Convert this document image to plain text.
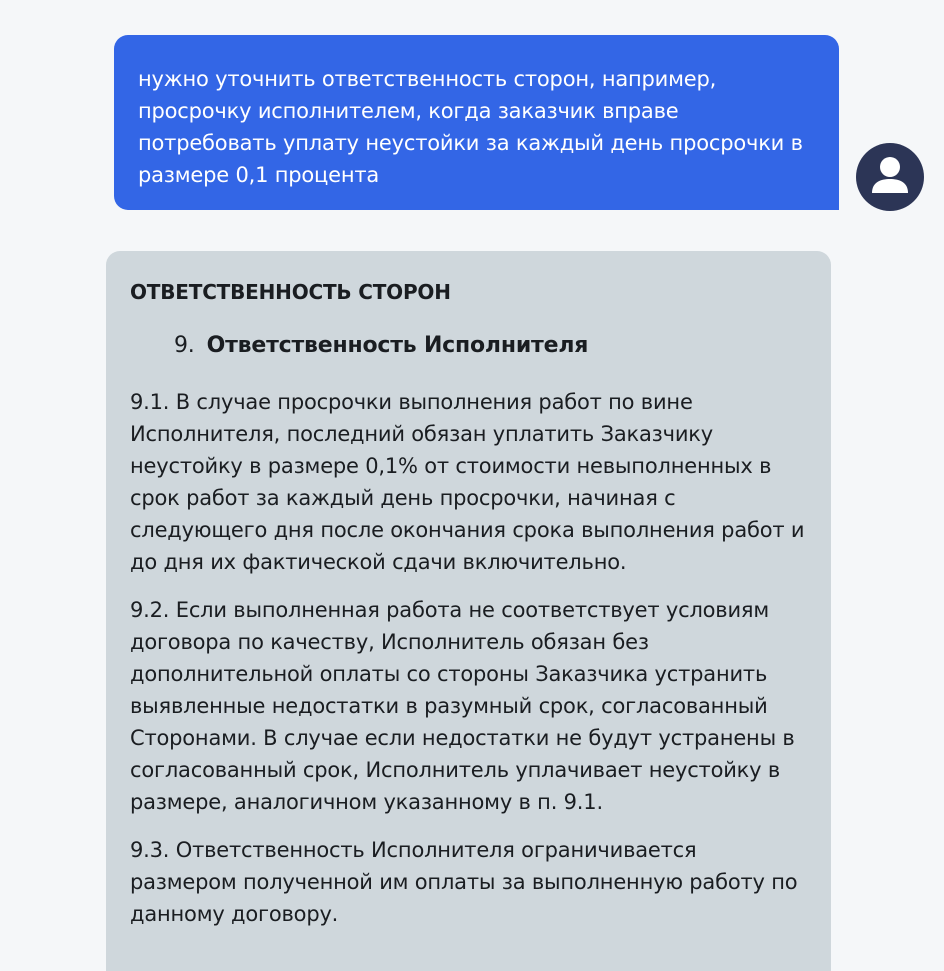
нужно уточнить ответственность сторон, например, просрочку исполнителем, когда заказчик вправе потребовать уплату неустойки за каждый день просрочки в размере 0,1 процента

ОТВЕТСТВЕННОСТЬ СТОРОН

9. Ответственность Исполнителя

9.1. В случае просрочки выполнения работ по вине Исполнителя, последний обязан уплатить Заказчику неустойку в размере 0,1% от стоимости невыполненных в срок работ за каждый день просрочки, начиная с следующего дня после окончания срока выполнения работ и до дня их фактической сдачи включительно.

9.2. Если выполненная работа не соответствует условиям договора по качеству, Исполнитель обязан без дополнительной оплаты со стороны Заказчика устранить выявленные недостатки в разумный срок, согласованный Сторонами. В случае если недостатки не будут устранены в согласованный срок, Исполнитель уплачивает неустойку в размере, аналогичном указанному в п. 9.1.

9.3. Ответственность Исполнителя ограничивается размером полученной им оплаты за выполненную работу по данному договору.
